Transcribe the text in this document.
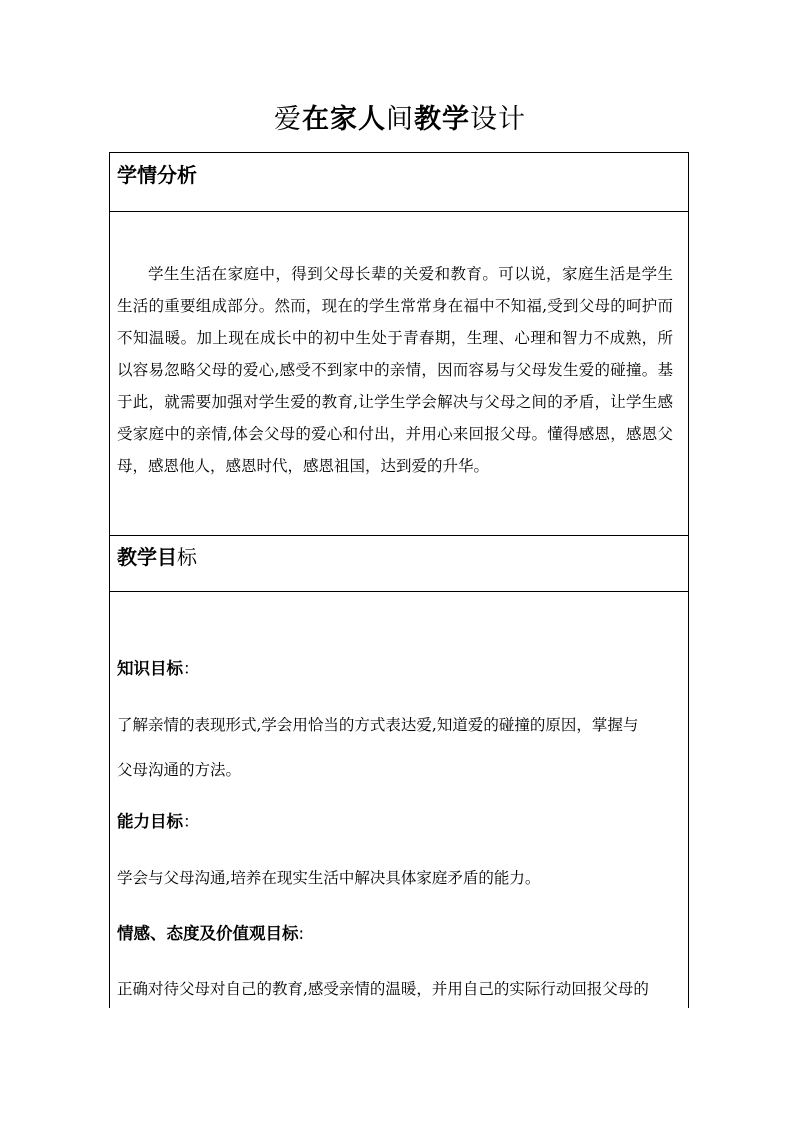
爱在家人间教学设计
学情分析
学生生活在家庭中，得到父母长辈的关爱和教育。可以说，家庭生活是学生生活的重要组成部分。然而，现在的学生常常身在福中不知福,受到父母的呵护而不知温暖。加上现在成长中的初中生处于青春期，生理、心理和智力不成熟，所以容易忽略父母的爱心,感受不到家中的亲情，因而容易与父母发生爱的碰撞。基于此，就需要加强对学生爱的教育,让学生学会解决与父母之间的矛盾，让学生感受家庭中的亲情,体会父母的爱心和付出，并用心来回报父母。懂得感恩，感恩父母，感恩他人，感恩时代，感恩祖国，达到爱的升华。
教学目标
知识目标：
了解亲情的表现形式,学会用恰当的方式表达爱,知道爱的碰撞的原因，掌握与
父母沟通的方法。
能力目标：
学会与父母沟通,培养在现实生活中解决具体家庭矛盾的能力。
情感、态度及价值观目标:
正确对待父母对自己的教育,感受亲情的温暖，并用自己的实际行动回报父母的
